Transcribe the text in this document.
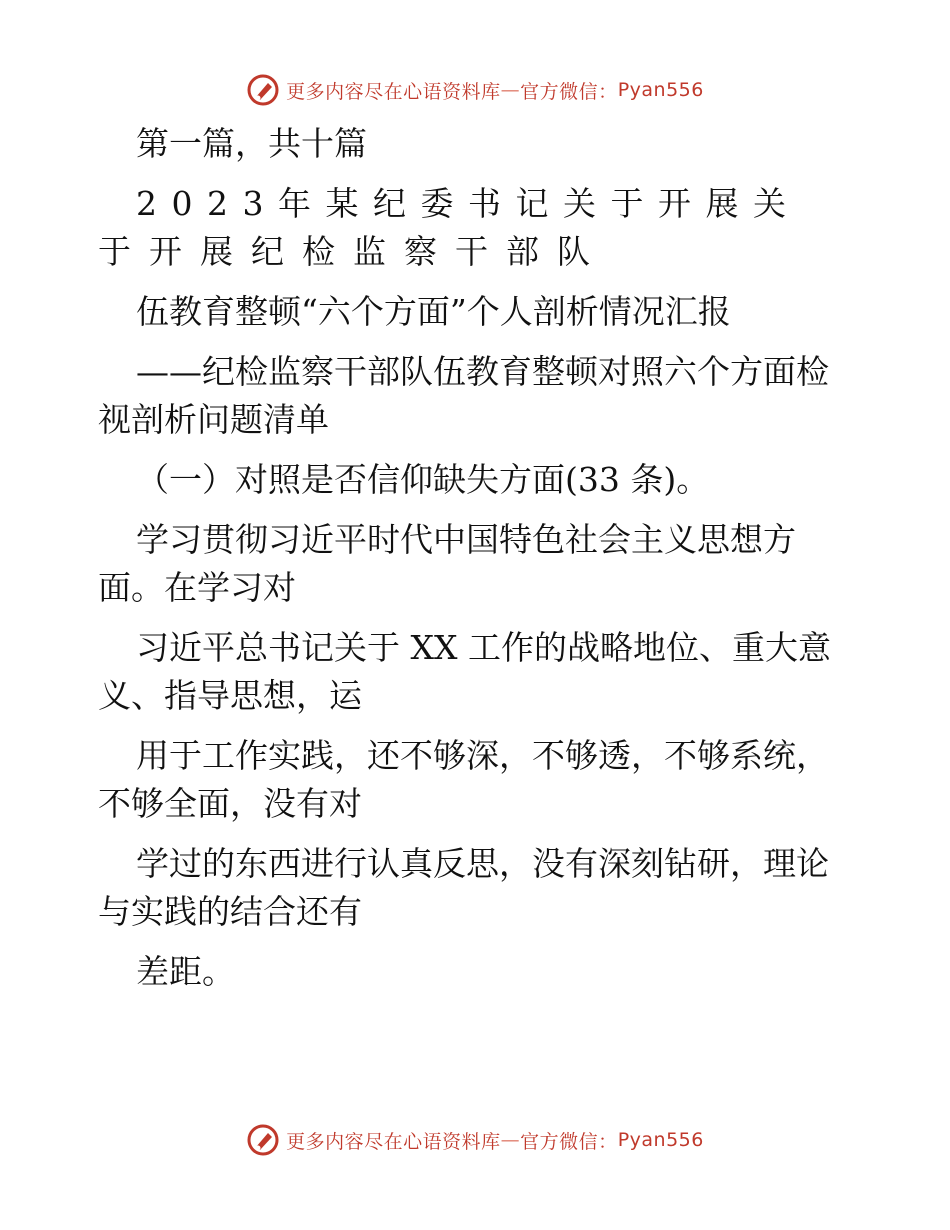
更多内容尽在心语资料库 — 官方微信： Pyan556

第一篇，共十篇

2023年某纪委书记关于开展关

于开展纪检监察干部队

伍教育整顿“六个方面”个人剖析情况汇报

——纪检监察干部队伍教育整顿对照六个方面检视剖析问题清单

（一）对照是否信仰缺失方面(33 条)。

学习贯彻习近平时代中国特色社会主义思想方面。在学习对

习近平总书记关于 XX 工作的战略地位、重大意义、指导思想，运

用于工作实践，还不够深，不够透，不够系统，不够全面，没有对

学过的东西进行认真反思，没有深刻钻研，理论与实践的结合还有

差距。

更多内容尽在心语资料库 — 官方微信： Pyan556
